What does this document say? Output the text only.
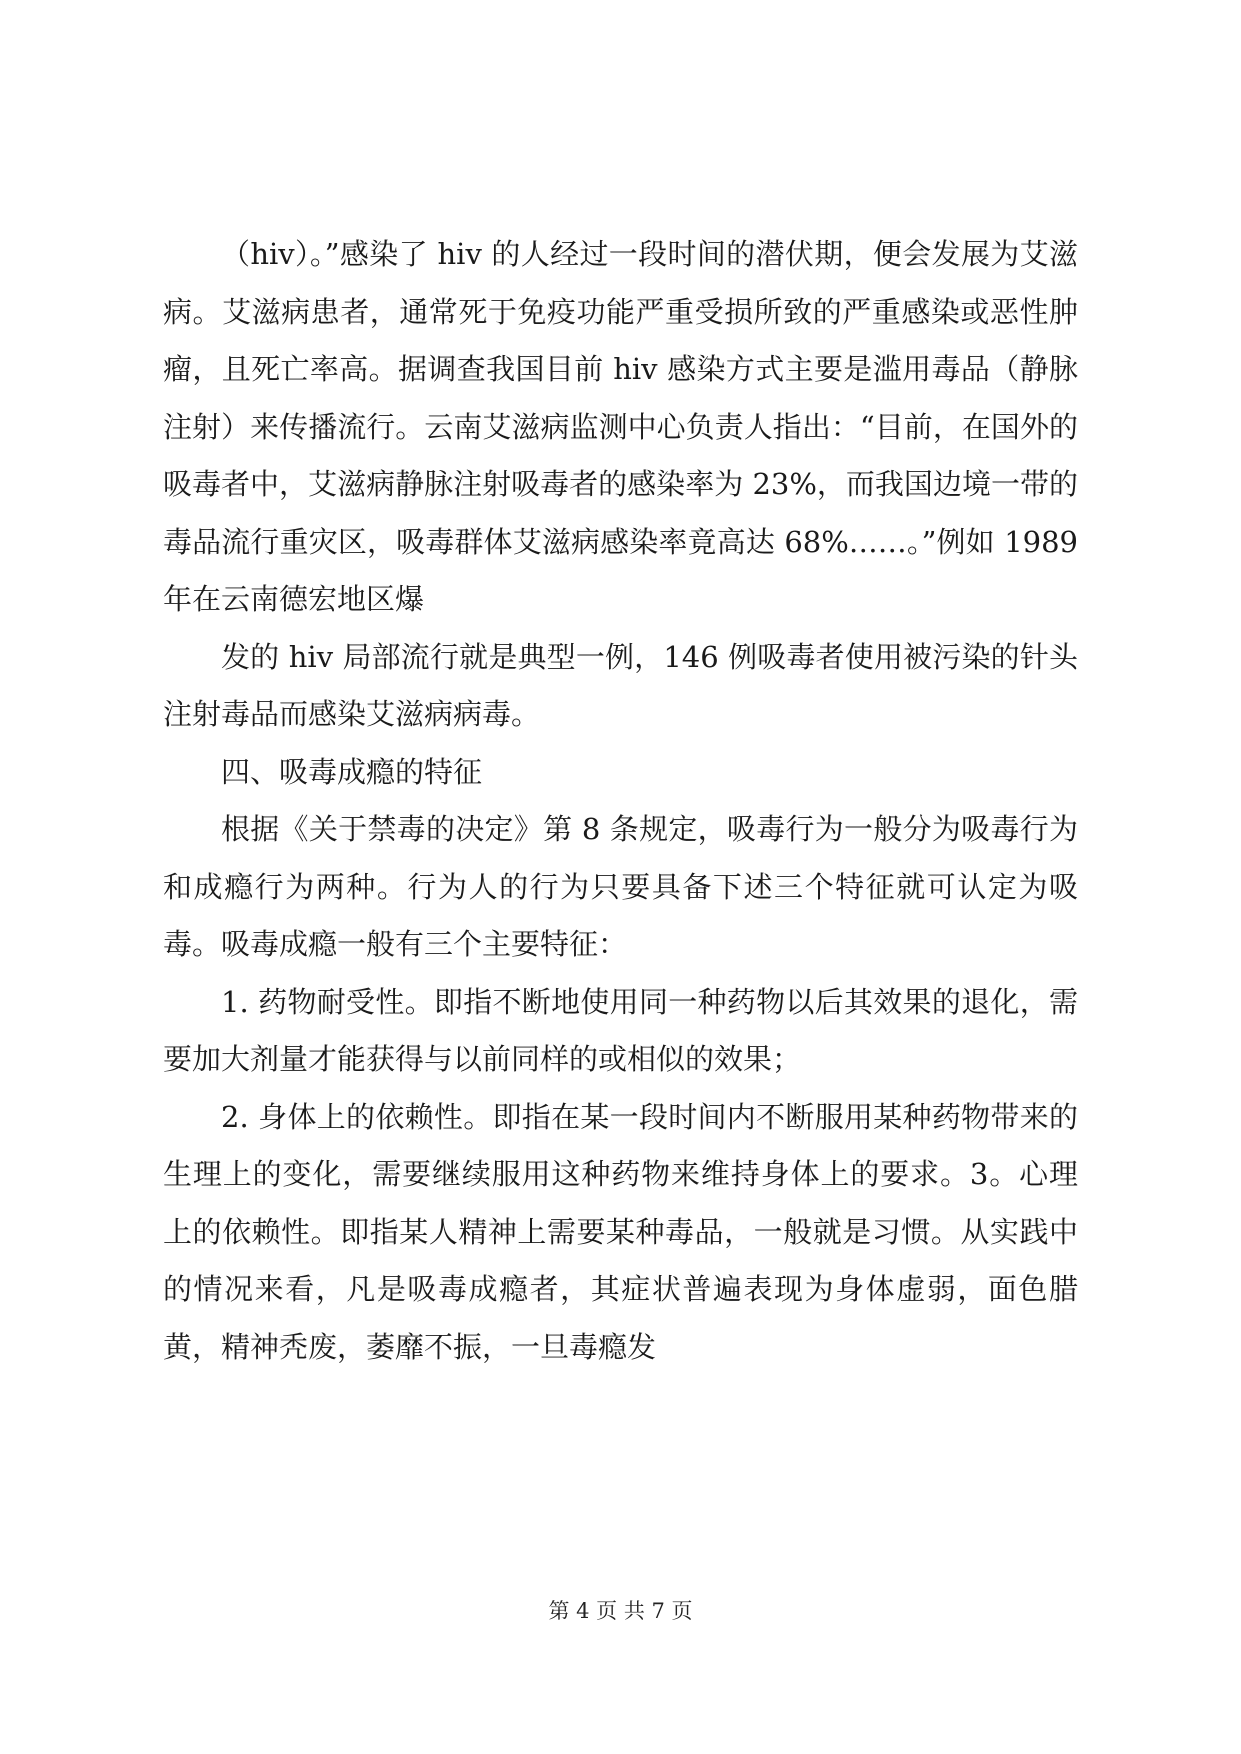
（hiv）。”感染了 hiv 的人经过一段时间的潜伏期，便会发展为艾滋病。艾滋病患者，通常死于免疫功能严重受损所致的严重感染或恶性肿瘤，且死亡率高。据调查我国目前 hiv 感染方式主要是滥用毒品（静脉注射）来传播流行。云南艾滋病监测中心负责人指出：“目前，在国外的吸毒者中，艾滋病静脉注射吸毒者的感染率为 23%，而我国边境一带的毒品流行重灾区，吸毒群体艾滋病感染率竟高达 68%……。”例如 1989 年在云南德宏地区爆

发的 hiv 局部流行就是典型一例，146 例吸毒者使用被污染的针头注射毒品而感染艾滋病病毒。

四、吸毒成瘾的特征

根据《关于禁毒的决定》第 8 条规定，吸毒行为一般分为吸毒行为和成瘾行为两种。行为人的行为只要具备下述三个特征就可认定为吸毒。吸毒成瘾一般有三个主要特征：

1. 药物耐受性。即指不断地使用同一种药物以后其效果的退化，需要加大剂量才能获得与以前同样的或相似的效果；

2. 身体上的依赖性。即指在某一段时间内不断服用某种药物带来的生理上的变化，需要继续服用这种药物来维持身体上的要求。3。心理上的依赖性。即指某人精神上需要某种毒品，一般就是习惯。从实践中的情况来看，凡是吸毒成瘾者，其症状普遍表现为身体虚弱，面色腊黄，精神秃废，萎靡不振，一旦毒瘾发

第 4 页 共 7 页
